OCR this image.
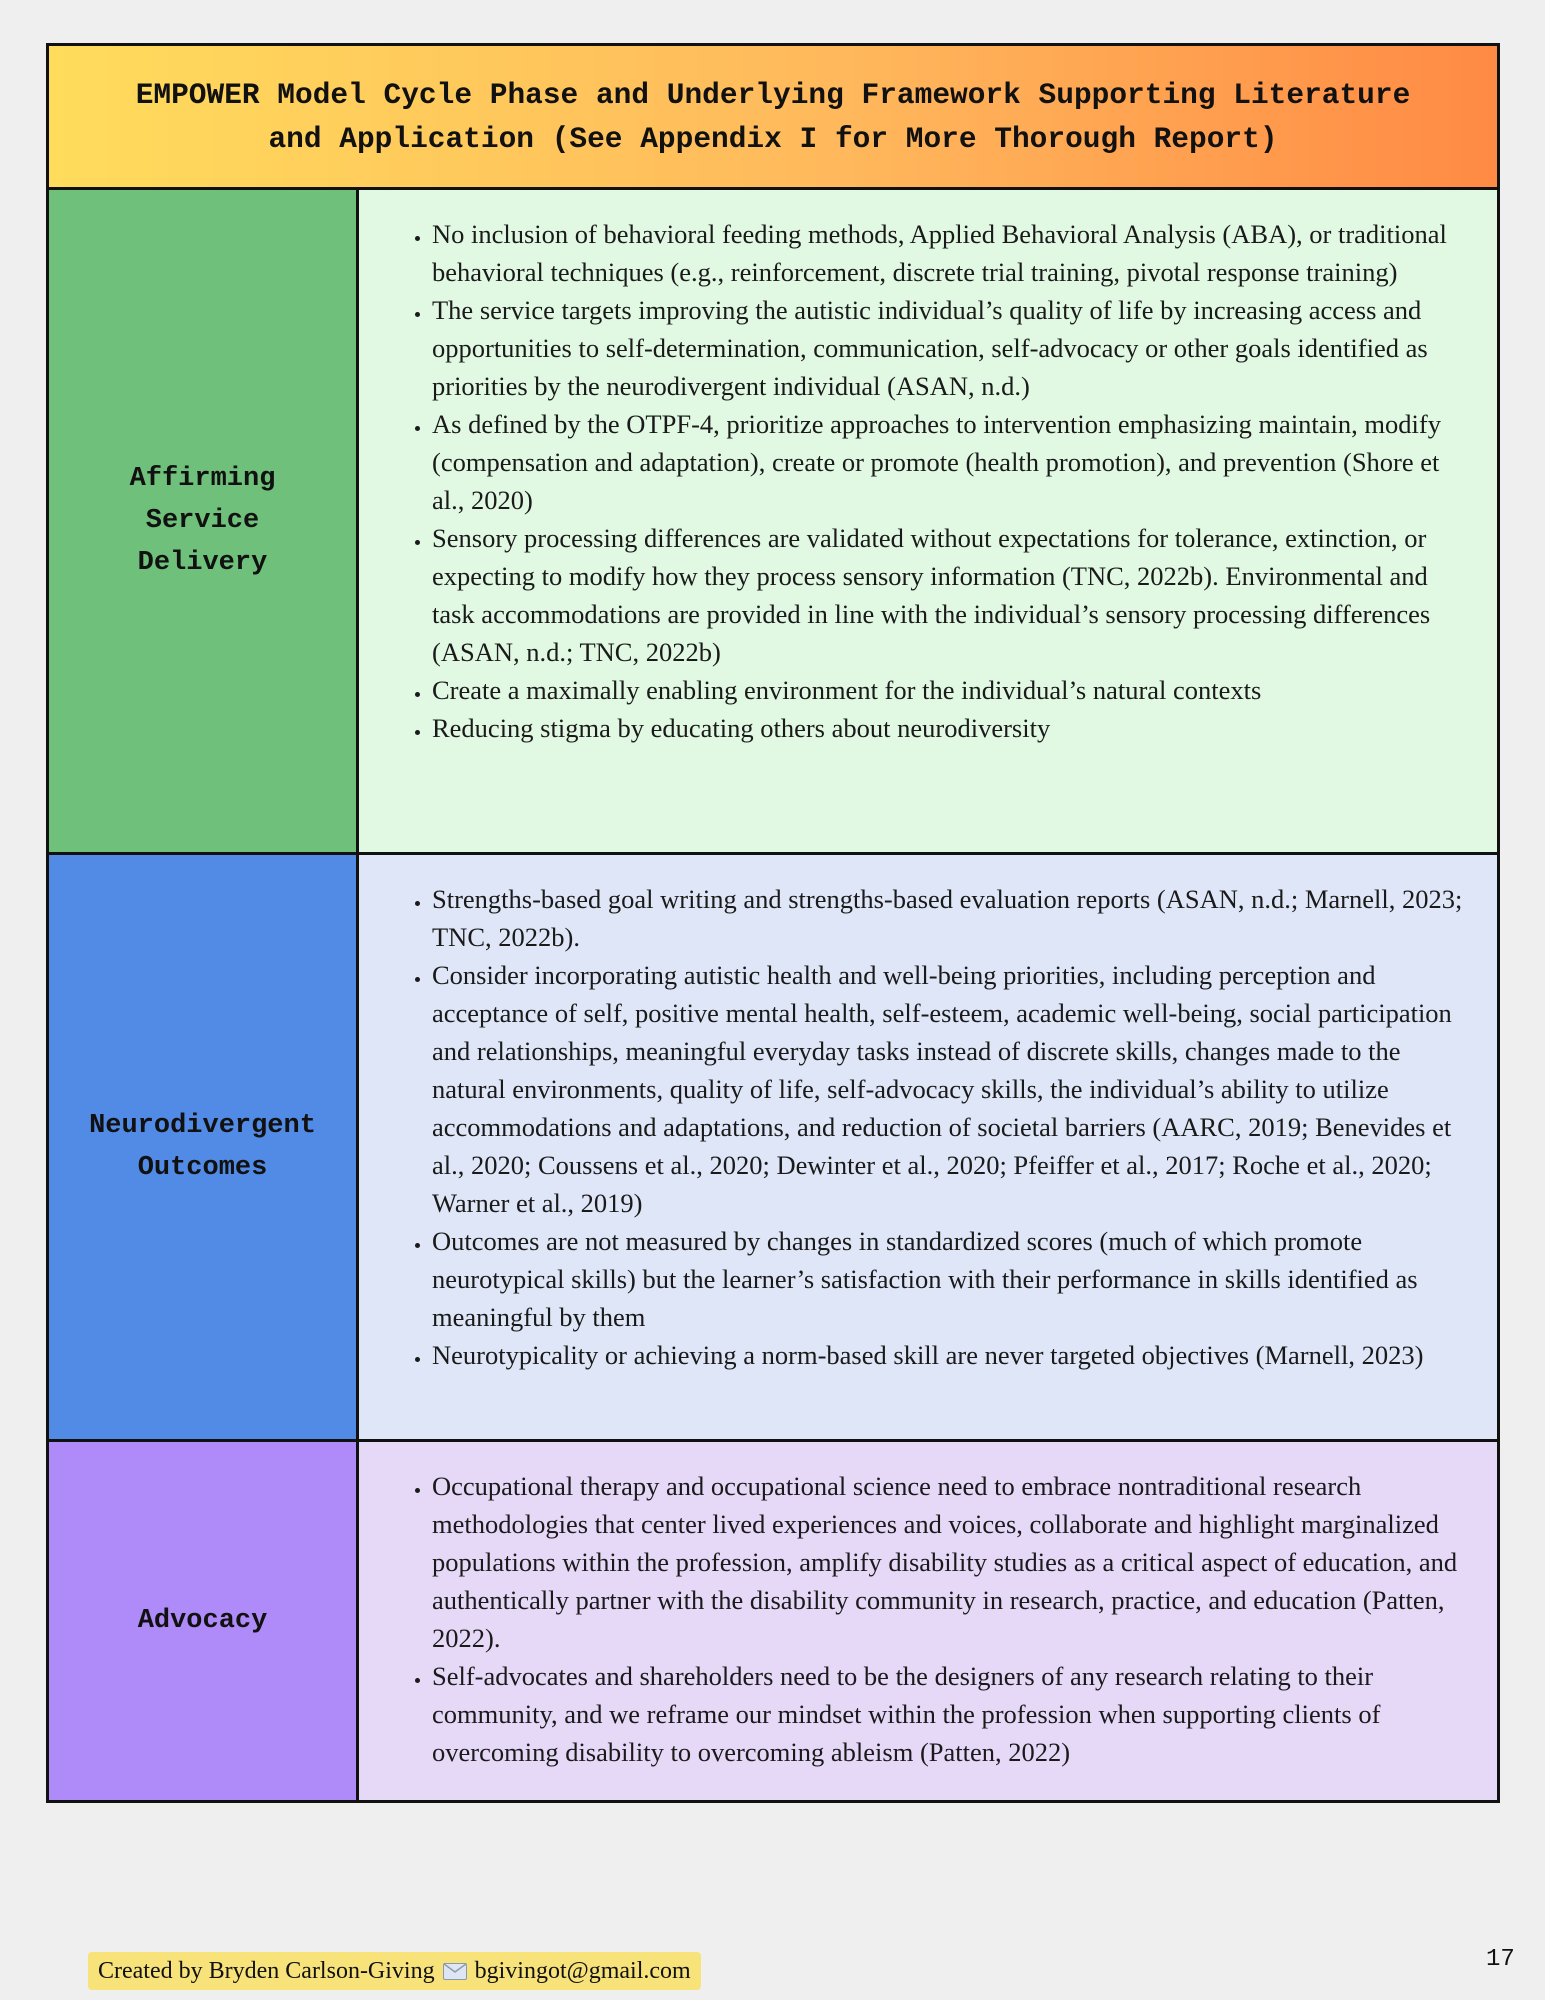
EMPOWER Model Cycle Phase and Underlying Framework Supporting Literature
and Application (See Appendix I for More Thorough Report)
Affirming
Service
Delivery
• No inclusion of behavioral feeding methods, Applied Behavioral Analysis (ABA), or traditional behavioral techniques (e.g., reinforcement, discrete trial training, pivotal response training)
• The service targets improving the autistic individual’s quality of life by increasing access and opportunities to self-determination, communication, self-advocacy or other goals identified as priorities by the neurodivergent individual (ASAN, n.d.)
• As defined by the OTPF-4, prioritize approaches to intervention emphasizing maintain, modify (compensation and adaptation), create or promote (health promotion), and prevention (Shore et al., 2020)
• Sensory processing differences are validated without expectations for tolerance, extinction, or expecting to modify how they process sensory information (TNC, 2022b). Environmental and task accommodations are provided in line with the individual’s sensory processing differences (ASAN, n.d.; TNC, 2022b)
• Create a maximally enabling environment for the individual’s natural contexts
• Reducing stigma by educating others about neurodiversity
Neurodivergent
Outcomes
• Strengths-based goal writing and strengths-based evaluation reports (ASAN, n.d.; Marnell, 2023; TNC, 2022b).
• Consider incorporating autistic health and well-being priorities, including perception and acceptance of self, positive mental health, self-esteem, academic well-being, social participation and relationships, meaningful everyday tasks instead of discrete skills, changes made to the natural environments, quality of life, self-advocacy skills, the individual’s ability to utilize accommodations and adaptations, and reduction of societal barriers (AARC, 2019; Benevides et al., 2020; Coussens et al., 2020; Dewinter et al., 2020; Pfeiffer et al., 2017; Roche et al., 2020; Warner et al., 2019)
• Outcomes are not measured by changes in standardized scores (much of which promote neurotypical skills) but the learner’s satisfaction with their performance in skills identified as meaningful by them
• Neurotypicality or achieving a norm-based skill are never targeted objectives (Marnell, 2023)
Advocacy
• Occupational therapy and occupational science need to embrace nontraditional research methodologies that center lived experiences and voices, collaborate and highlight marginalized populations within the profession, amplify disability studies as a critical aspect of education, and authentically partner with the disability community in research, practice, and education (Patten, 2022).
• Self-advocates and shareholders need to be the designers of any research relating to their community, and we reframe our mindset within the profession when supporting clients of overcoming disability to overcoming ableism (Patten, 2022)
Created by Bryden Carlson-Giving bgivingot@gmail.com	17
